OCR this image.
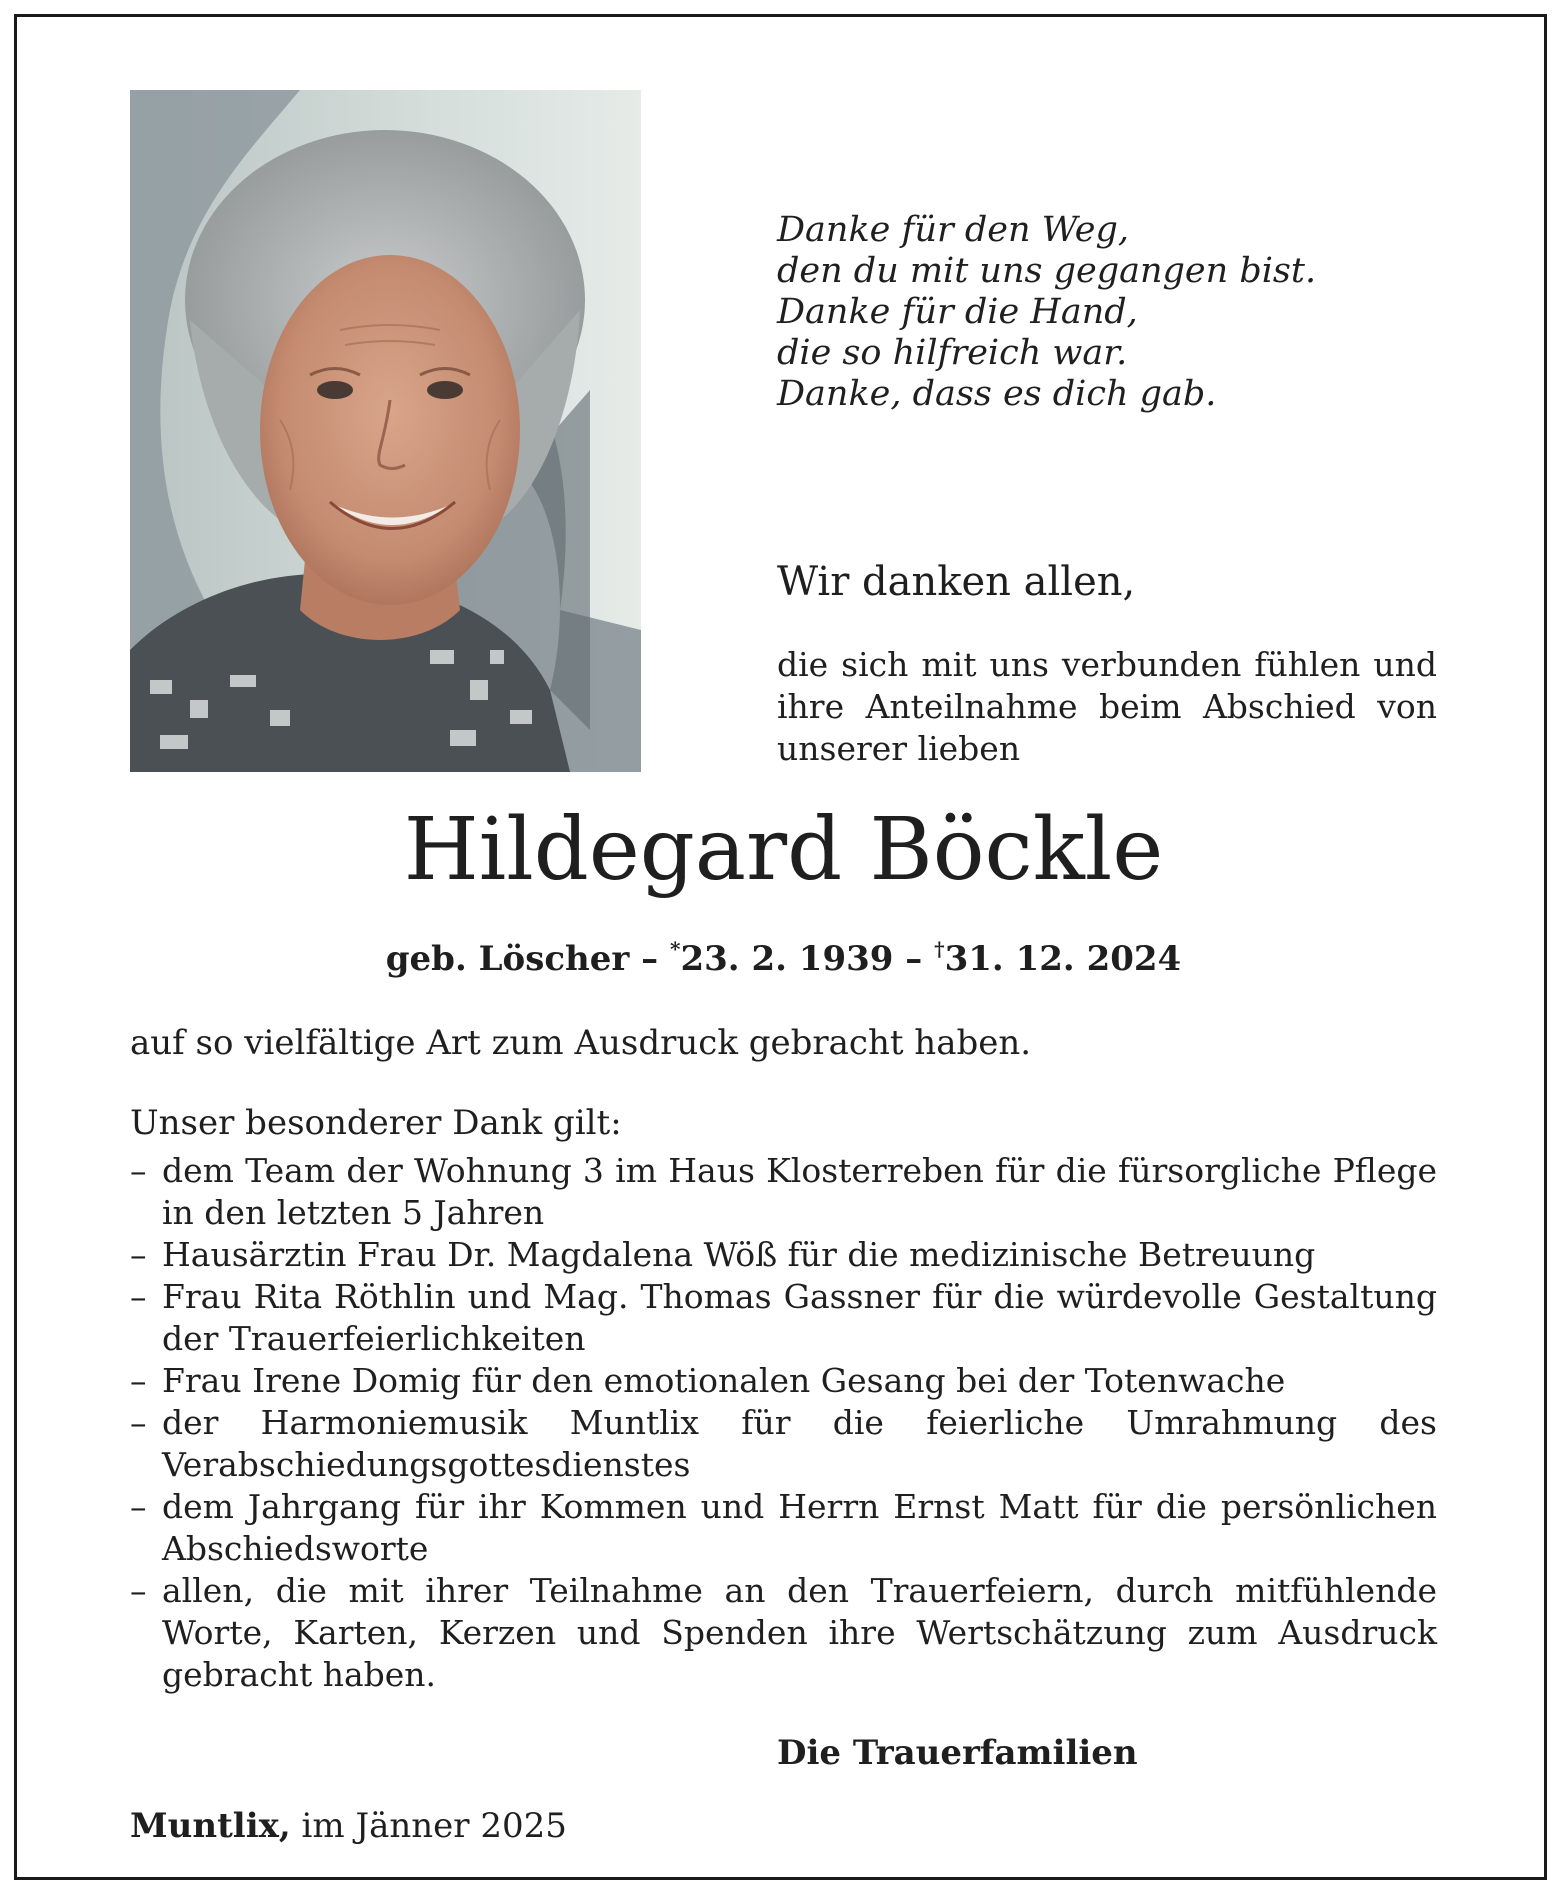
Danke für den Weg,
den du mit uns gegangen bist.
Danke für die Hand,
die so hilfreich war.
Danke, dass es dich gab.
Wir danken allen,
die sich mit uns verbunden fühlen und
ihre Anteilnahme beim Abschied von
unserer lieben
Hildegard Böckle
geb. Löscher – *23. 2. 1939 – †31. 12. 2024
auf so vielfältige Art zum Ausdruck gebracht haben.
Unser besonderer Dank gilt:
– dem Team der Wohnung 3 im Haus Klosterreben für die fürsorgliche Pflege in den letzten 5 Jahren
– Hausärztin Frau Dr. Magdalena Wöß für die medizinische Betreuung
– Frau Rita Röthlin und Mag. Thomas Gassner für die würdevolle Gestaltung der Trauerfeierlichkeiten
– Frau Irene Domig für den emotionalen Gesang bei der Totenwache
– der Harmoniemusik Muntlix für die feierliche Umrahmung des Verabschiedungsgottesdienstes
– dem Jahrgang für ihr Kommen und Herrn Ernst Matt für die persönlichen Abschiedsworte
– allen, die mit ihrer Teilnahme an den Trauerfeiern, durch mitfühlende Worte, Karten, Kerzen und Spenden ihre Wertschätzung zum Ausdruck gebracht haben.
Die Trauerfamilien
Muntlix, im Jänner 2025
